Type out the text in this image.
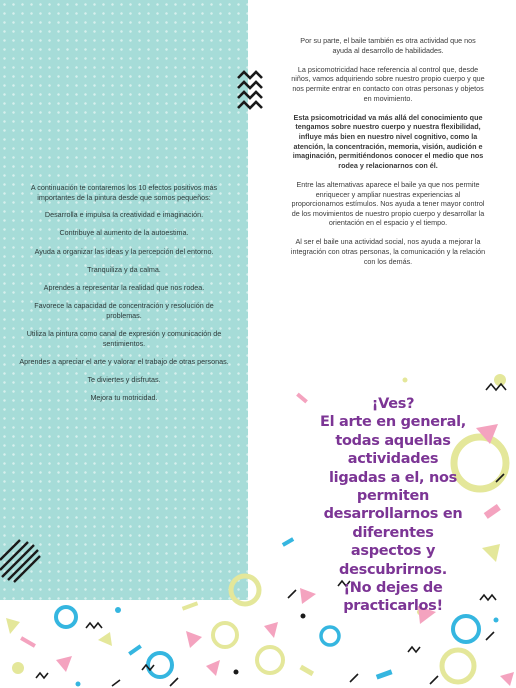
A continuación te contaremos los 10 efectos positivos más importantes de la pintura desde que somos pequeños:

Desarrolla e impulsa la creatividad e imaginación.

Contribuye al aumento de la autoestima.

Ayuda a organizar las ideas y la percepción del entorno.

Tranquiliza y da calma.

Aprendes a representar la realidad que nos rodea.

Favorece la capacidad de concentración y resolución de problemas.

Utiliza la pintura como canal de expresión y comunicación de sentimientos.

Aprendes a apreciar el arte y valorar el trabajo de otras personas.

Te diviertes y disfrutas.

Mejora tu motricidad.

Por su parte, el baile también es otra actividad que nos ayuda al desarrollo de habilidades.

La psicomotricidad hace referencia al control que, desde niños, vamos adquiriendo sobre nuestro propio cuerpo y que nos permite entrar en contacto con otras personas y objetos en movimiento.

Esta psicomotricidad va más allá del conocimiento que tengamos sobre nuestro cuerpo y nuestra flexibilidad, influye más bien en nuestro nivel cognitivo, como la atención, la concentración, memoria, visión, audición e imaginación, permitiéndonos conocer el medio que nos rodea y relacionarnos con él.

Entre las alternativas aparece el baile ya que nos permite enriquecer y ampliar nuestras experiencias al proporcionarnos estímulos. Nos ayuda a tener mayor control de los movimientos de nuestro propio cuerpo y desarrollar la orientación en el espacio y el tiempo.

Al ser el baile una actividad social, nos ayuda a mejorar la integración con otras personas, la comunicación y la relación con los demás.

¡Ves?

El arte en general, todas aquellas actividades ligadas a el, nos permiten desarrollarnos en diferentes aspectos y descubrirnos.

¡No dejes de practicarlos!
